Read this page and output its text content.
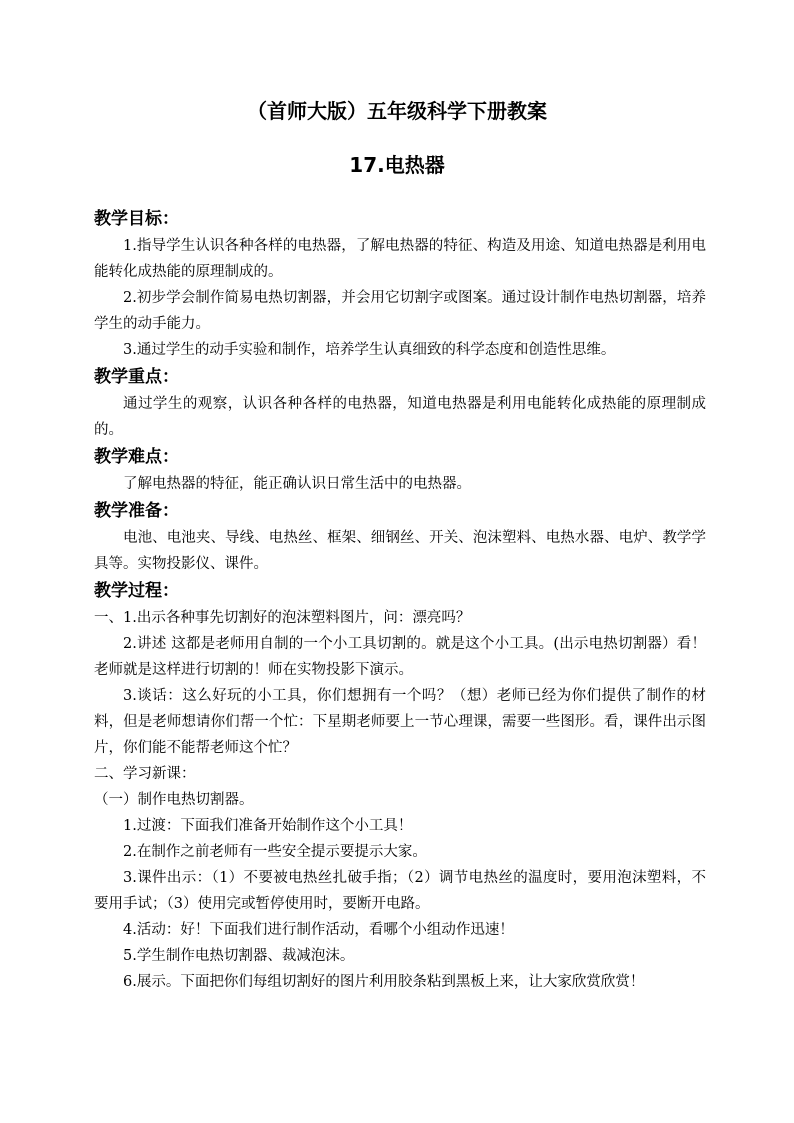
（首师大版）五年级科学下册教案
17.电热器
教学目标：

1.指导学生认识各种各样的电热器，了解电热器的特征、构造及用途、知道电热器是利用电能转化成热能的原理制成的。

2.初步学会制作简易电热切割器，并会用它切割字或图案。通过设计制作电热切割器，培养学生的动手能力。

3.通过学生的动手实验和制作，培养学生认真细致的科学态度和创造性思维。

教学重点：

通过学生的观察，认识各种各样的电热器，知道电热器是利用电能转化成热能的原理制成的。

教学难点：

了解电热器的特征，能正确认识日常生活中的电热器。

教学准备：

电池、电池夹、导线、电热丝、框架、细钢丝、开关、泡沫塑料、电热水器、电炉、教学学具等。实物投影仪、课件。

教学过程：

一、1.出示各种事先切割好的泡沫塑料图片，问：漂亮吗？

2.讲述 这都是老师用自制的一个小工具切割的。就是这个小工具。(出示电热切割器）看！老师就是这样进行切割的！师在实物投影下演示。

3.谈话：这么好玩的小工具，你们想拥有一个吗？（想）老师已经为你们提供了制作的材料，但是老师想请你们帮一个忙：下星期老师要上一节心理课，需要一些图形。看，课件出示图片，你们能不能帮老师这个忙？

二、学习新课：

（一）制作电热切割器。

1.过渡：下面我们准备开始制作这个小工具！

2.在制作之前老师有一些安全提示要提示大家。

3.课件出示：（1）不要被电热丝扎破手指；（2）调节电热丝的温度时，要用泡沫塑料，不要用手试；（3）使用完或暂停使用时，要断开电路。

4.活动：好！下面我们进行制作活动，看哪个小组动作迅速！

5.学生制作电热切割器、裁减泡沫。

6.展示。下面把你们每组切割好的图片利用胶条粘到黑板上来，让大家欣赏欣赏！
